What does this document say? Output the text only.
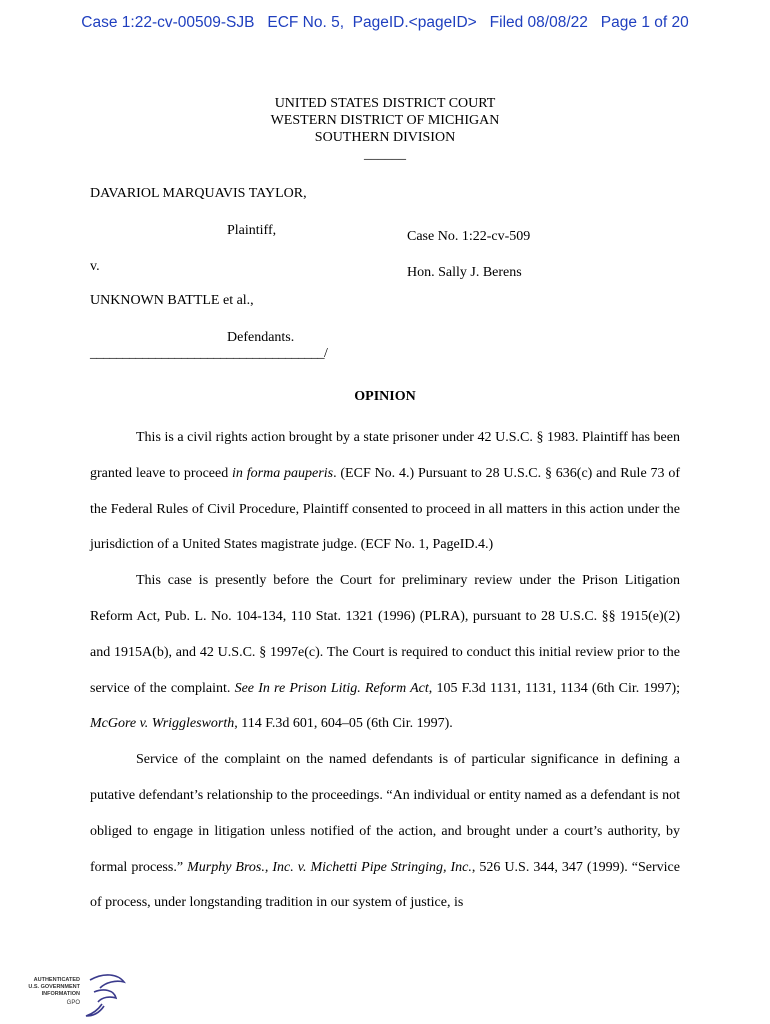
Case 1:22-cv-00509-SJB   ECF No. 5,  PageID.<pageID>   Filed 08/08/22   Page 1 of 20
UNITED STATES DISTRICT COURT
WESTERN DISTRICT OF MICHIGAN
SOUTHERN DIVISION
______
DAVARIOL MARQUAVIS TAYLOR,
Plaintiff,	Case No. 1:22-cv-509
v.	Hon. Sally J. Berens
UNKNOWN BATTLE et al.,
Defendants.
____________________________________/
OPINION

This is a civil rights action brought by a state prisoner under 42 U.S.C. § 1983. Plaintiff has been granted leave to proceed in forma pauperis. (ECF No. 4.) Pursuant to 28 U.S.C. § 636(c) and Rule 73 of the Federal Rules of Civil Procedure, Plaintiff consented to proceed in all matters in this action under the jurisdiction of a United States magistrate judge. (ECF No. 1, PageID.4.)

This case is presently before the Court for preliminary review under the Prison Litigation Reform Act, Pub. L. No. 104-134, 110 Stat. 1321 (1996) (PLRA), pursuant to 28 U.S.C. §§ 1915(e)(2) and 1915A(b), and 42 U.S.C. § 1997e(c). The Court is required to conduct this initial review prior to the service of the complaint. See In re Prison Litig. Reform Act, 105 F.3d 1131, 1131, 1134 (6th Cir. 1997); McGore v. Wrigglesworth, 114 F.3d 601, 604–05 (6th Cir. 1997).

Service of the complaint on the named defendants is of particular significance in defining a putative defendant’s relationship to the proceedings. “An individual or entity named as a defendant is not obliged to engage in litigation unless notified of the action, and brought under a court’s authority, by formal process.” Murphy Bros., Inc. v. Michetti Pipe Stringing, Inc., 526 U.S. 344, 347 (1999). “Service of process, under longstanding tradition in our system of justice, is

AUTHENTICATED
U.S. GOVERNMENT
INFORMATION
GPO
